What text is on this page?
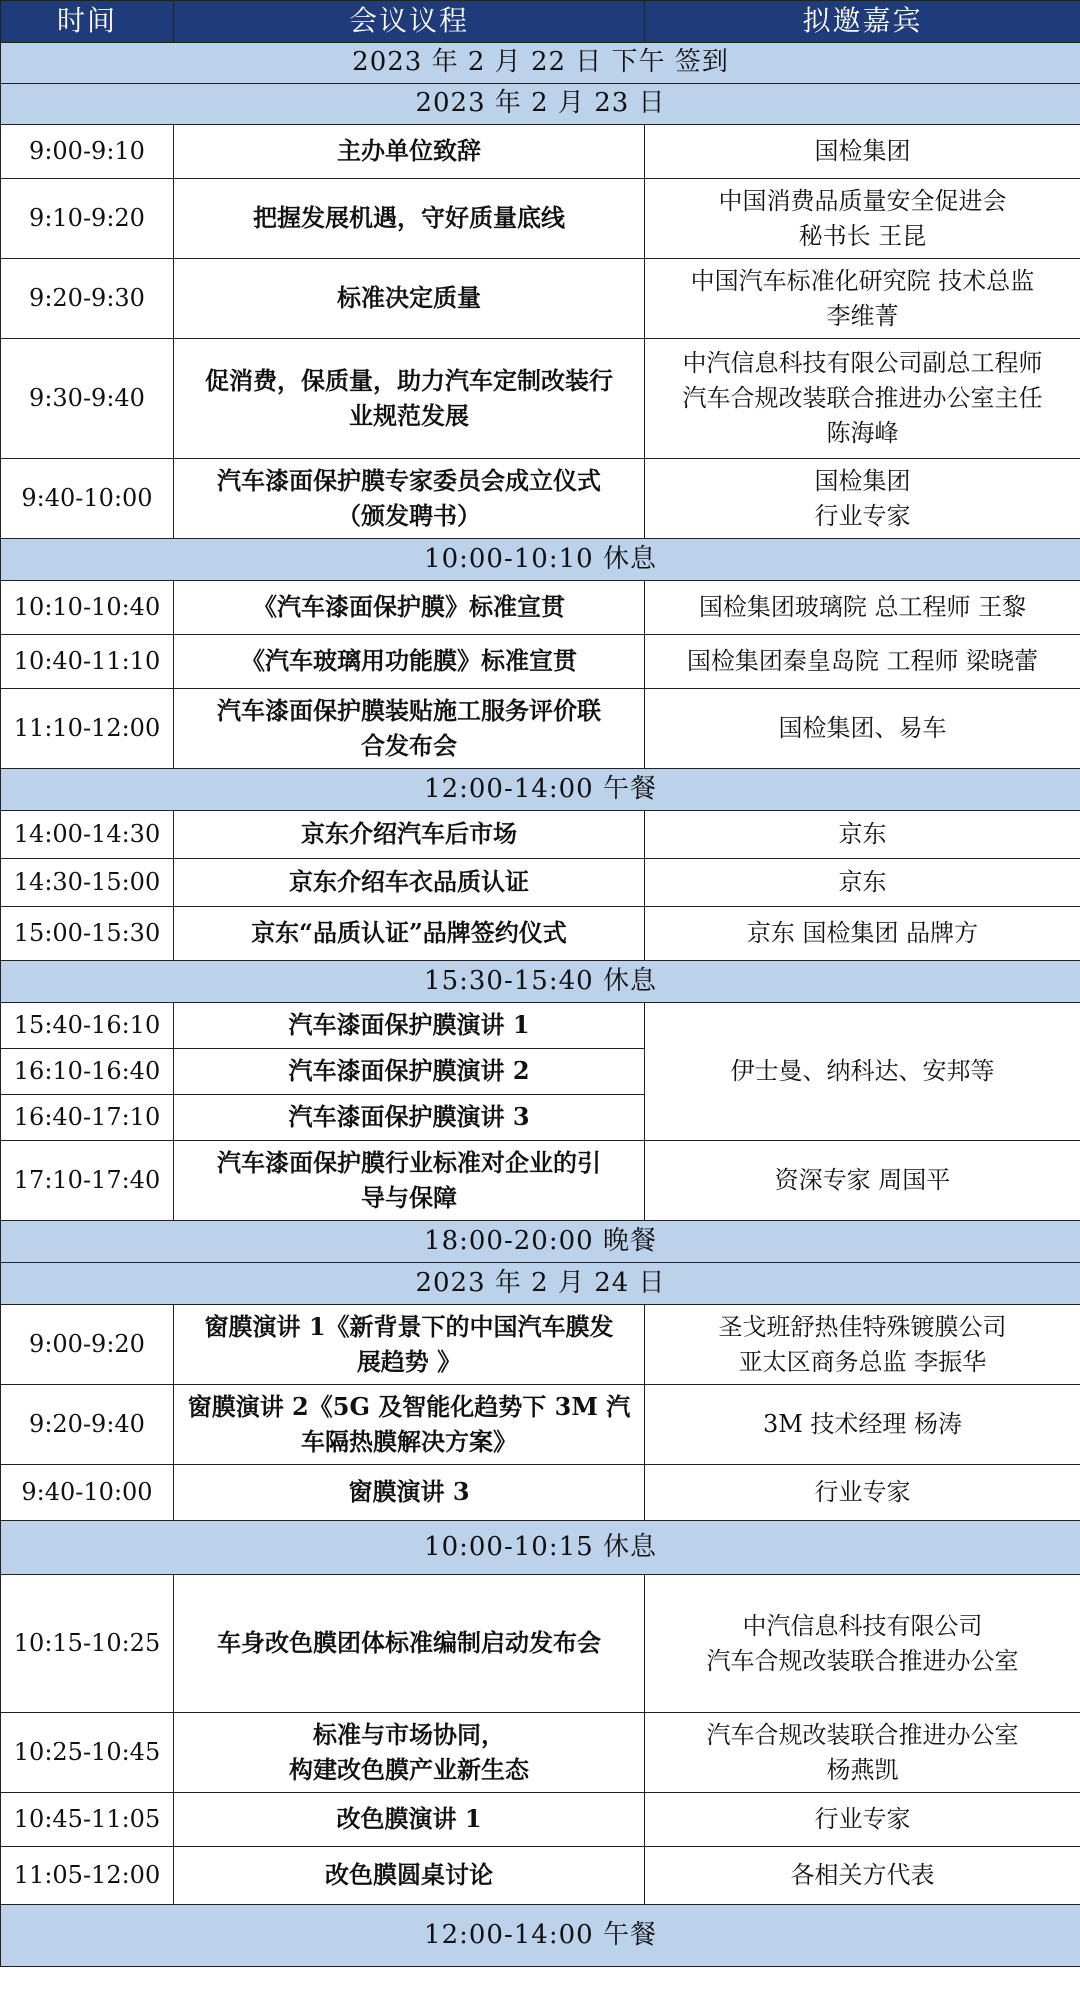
时间	会议议程	拟邀嘉宾
2023 年 2 月 22 日 下午 签到		
2023 年 2 月 23 日		
9:00-9:10	主办单位致辞	国检集团

9:10-9:20	把握发展机遇，守好质量底线	中国消费品质量安全促进会
秘书长 王昆

9:20-9:30	标准决定质量	中国汽车标准化研究院 技术总监
李维菁

9:30-9:40	促消费，保质量，助力汽车定制改装行
业规范发展	中汽信息科技有限公司副总工程师
汽车合规改装联合推进办公室主任
陈海峰

9:40-10:00	汽车漆面保护膜专家委员会成立仪式
（颁发聘书）	国检集团
行业专家

10:00-10:10 休息		
10:10-10:40	《汽车漆面保护膜》标准宣贯	国检集团玻璃院 总工程师 王黎

10:40-11:10	《汽车玻璃用功能膜》标准宣贯	国检集团秦皇岛院 工程师 梁晓蕾

11:10-12:00	汽车漆面保护膜装贴施工服务评价联
合发布会	国检集团、易车

12:00-14:00 午餐		
14:00-14:30	京东介绍汽车后市场	京东

14:30-15:00	京东介绍车衣品质认证	京东

15:00-15:30	京东“品质认证”品牌签约仪式	京东 国检集团 品牌方

15:30-15:40 休息		
15:40-16:10	汽车漆面保护膜演讲 1	伊士曼、纳科达、安邦等

16:10-16:40	汽车漆面保护膜演讲 2	

16:40-17:10	汽车漆面保护膜演讲 3	

17:10-17:40	汽车漆面保护膜行业标准对企业的引
导与保障	资深专家 周国平

18:00-20:00 晚餐		
2023 年 2 月 24 日		
9:00-9:20	窗膜演讲 1《新背景下的中国汽车膜发
展趋势 》	圣戈班舒热佳特殊镀膜公司
亚太区商务总监 李振华

9:20-9:40	窗膜演讲 2《5G 及智能化趋势下 3M 汽
车隔热膜解决方案》	3M 技术经理 杨涛

9:40-10:00	窗膜演讲 3	行业专家

10:00-10:15 休息		
10:15-10:25	车身改色膜团体标准编制启动发布会	中汽信息科技有限公司
汽车合规改装联合推进办公室

10:25-10:45	标准与市场协同，
构建改色膜产业新生态	汽车合规改装联合推进办公室
杨燕凯

10:45-11:05	改色膜演讲 1	行业专家

11:05-12:00	改色膜圆桌讨论	各相关方代表

12:00-14:00 午餐		
